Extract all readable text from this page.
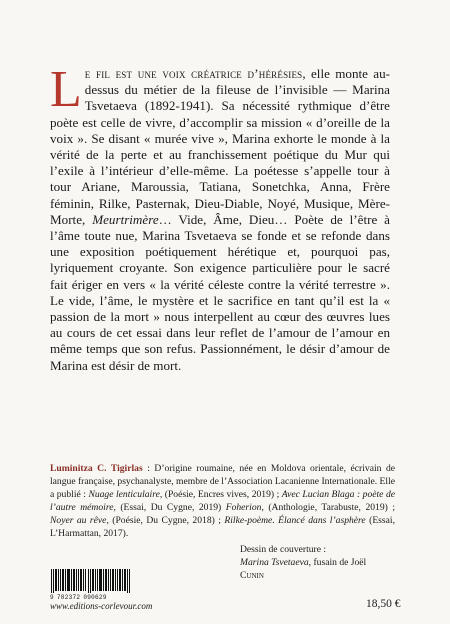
Le fil est une voix créatrice d’hérésies, elle monte au-dessus du métier de la fileuse de l’invisible — Marina Tsvetaeva (1892-1941). Sa nécessité rythmique d’être poète est celle de vivre, d’accomplir sa mission « d’oreille de la voix ». Se disant « murée vive », Marina exhorte le monde à la vérité de la perte et au franchissement poétique du Mur qui l’exile à l’intérieur d’elle-même. La poétesse s’appelle tour à tour Ariane, Maroussia, Tatiana, Sonetchka, Anna, Frère féminin, Rilke, Pasternak, Dieu-Diable, Noyé, Musique, Mère-Morte, Meurtrimère… Vide, Âme, Dieu… Poète de l’être à l’âme toute nue, Marina Tsvetaeva se fonde et se refonde dans une exposition poétiquement hérétique et, pourquoi pas, lyriquement croyante. Son exigence particulière pour le sacré fait ériger en vers « la vérité céleste contre la vérité terrestre ». Le vide, l’âme, le mystère et le sacrifice en tant qu’il est la « passion de la mort » nous interpellent au cœur des œuvres lues au cours de cet essai dans leur reflet de l’amour de l’amour en même temps que son refus. Passionnément, le désir d’amour de Marina est désir de mort.
Luminitza C. Tigirlas : D’origine roumaine, née en Moldova orientale, écrivain de langue française, psychanalyste, membre de l’Association Lacanienne Internationale. Elle a publié : Nuage lenticulaire, (Poésie, Encres vives, 2019) ; Avec Lucian Blaga : poète de l’autre mémoire, (Essai, Du Cygne, 2019) Foherion, (Anthologie, Tarabuste, 2019) ; Noyer au rêve, (Poésie, Du Cygne, 2018) ; Rilke-poème. Élancé dans l’asphère (Essai, L’Harmattan, 2017).
Dessin de couverture :
Marina Tsvetaeva, fusain de Joël Cunin
9 782372 090629
www.editions-corlevour.com	18,50 €
